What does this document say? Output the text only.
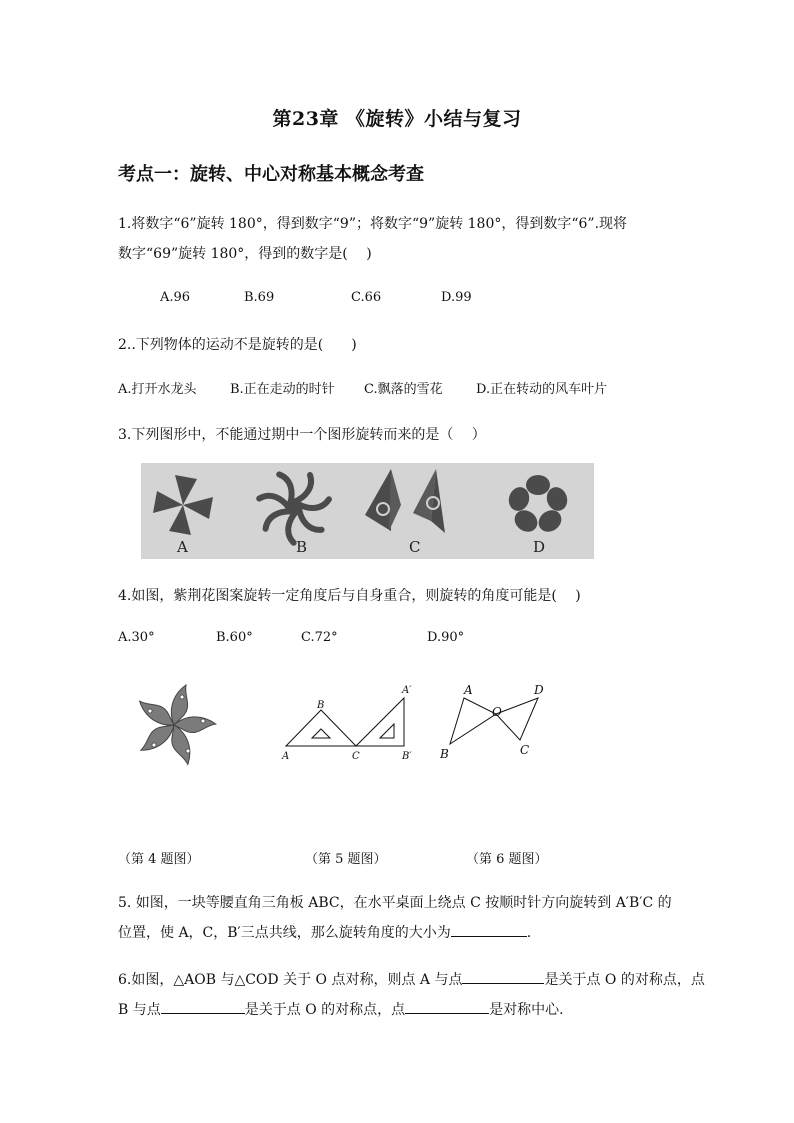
第23章 《旋转》小结与复习
考点一：旋转、中心对称基本概念考查
1.将数字“6”旋转 180°，得到数字“9”；将数字“9”旋转 180°，得到数字“6”.现将
数字“69”旋转 180°，得到的数字是(　 )
A.96	B.69	C.66	D.99
2..下列物体的运动不是旋转的是(　　)
A.打开水龙头	B.正在走动的时针 C.飘落的雪花	D.正在转动的风车叶片
3.下列图形中，不能通过期中一个图形旋转而来的是（　 ）
A	B	C	D
4.如图，紫荆花图案旋转一定角度后与自身重合，则旋转的角度可能是(　 )
A.30°	B.60°	C.72°	D.90°
A
B
C
A′
B′
A	D
O
B	C
（第 4 题图）	（第 5 题图）	（第 6 题图）
5. 如图，一块等腰直角三角板 ABC，在水平桌面上绕点 C 按顺时针方向旋转到 A′B′C 的
位置，使 A，C，B′三点共线，那么旋转角度的大小为	.
6.如图，△AOB 与△COD 关于 O 点对称，则点 A 与点	是关于点 O 的对称点，点
B 与点	是关于点 O 的对称点，点	是对称中心.
